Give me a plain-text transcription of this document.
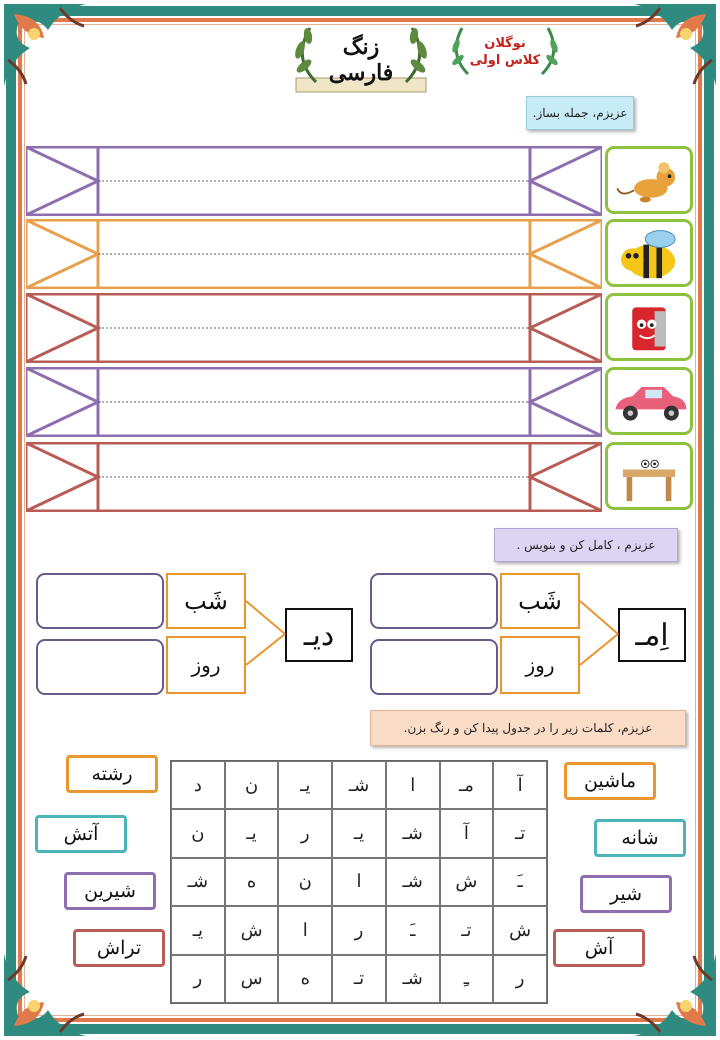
زنگ
فارسی
نوگلان
کلاس اولی
عزیزم، جمله بساز.
عزیزم ، کامل کن و بنویس .
شَب
روز
اِمـ
شَب
روز
دیـ
عزیزم، کلمات زیر را در جدول پیدا کن و رنگ بزن.
د	ن	یـ	شـ	ا	مـ	آ
ن	یـ	ر	یـ	شـ	آ	تـ
شـ	ه	ن	ا	شـ	ش	ـَ
یـ	ش	ا	ر	ـَ	تـ	ش
ر	س	ه	تـ	شـ	ـِ	ر
رشته
آتش
شیرین
تراش
ماشین
شانه
شیر
آش
